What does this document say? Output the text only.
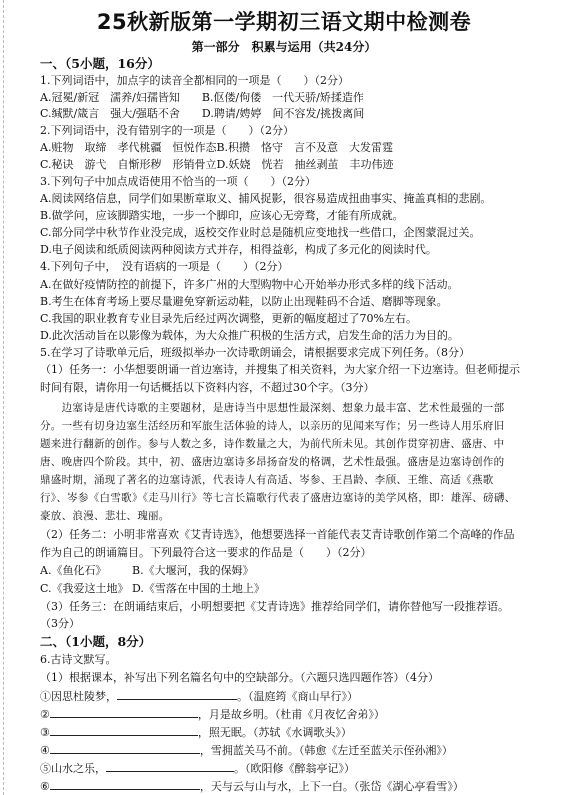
25秋新版第一学期初三语文期中检测卷
第一部分　积累与运用（共24分）
一、（5小题，16分）
1.下列词语中，加点字的读音全都相同的一项是（　　）（2分）
A.冠冕/新冠　濡养/妇孺皆知　　B.伛偻/佝偻　一代天骄/矫揉造作
C.缄默/箴言　强大/强聒不舍　　D.聘请/娉婷　间不容发/挑拨离间
2.下列词语中，没有错别字的一项是（　　）（2分）
A.赃物　取缔　孝代桃疆　恒悦作态B.积攒　恪守　言不及意　大发雷霆
C.秘诀　游弋　自惭形秽　形销骨立D.妖娆　恍若　抽丝剥茧　丰功伟迹
3.下列句子中加点成语使用不恰当的一项（　　）（2分）
A.阅读网络信息，同学们如果断章取义、捕风捉影，很容易造成扭曲事实、掩盖真相的悲剧。
B.做学问，应该脚踏实地，一步一个脚印，应该心无旁骛，才能有所成就。
C.部分同学中秋节作业没完成，返校交作业时总是随机应变地找一些借口，企图蒙混过关。
D.电子阅读和纸质阅读两种阅读方式并存，相得益彰，构成了多元化的阅读时代。
4.下列句子中，　没有语病的一项是（　　）（2分）
A.在做好疫情防控的前提下，许多广州的大型购物中心开始举办形式多样的线下活动。
B.考生在体育考场上要尽量避免穿新运动鞋，以防止出现鞋码不合适、磨脚等现象。
C.我国的职业教育专业目录先后经过两次调整，更新的幅度超过了70%左右。
D.此次活动旨在以影像为载体，为大众推广积极的生活方式，启发生命的活力为目的。
5.在学习了诗歌单元后，班级拟举办一次诗歌朗诵会，请根据要求完成下列任务。（8分）
（1）任务一：小华想要朗诵一首边塞诗，并搜集了相关资料，为大家介绍一下边塞诗。但老师提示
时间有限，请你用一句话概括以下资料内容，不超过30个字。（3分）
　　边塞诗是唐代诗歌的主要题材，是唐诗当中思想性最深刻、想象力最丰富、艺术性最强的一部
分。一些有切身边塞生活经历和军旅生活体验的诗人，以亲历的见闻来写作；另一些诗人用乐府旧
题来进行翻新的创作。参与人数之多，诗作数量之大，为前代所未见。其创作贯穿初唐、盛唐、中
唐、晚唐四个阶段。其中，初、盛唐边塞诗多昂扬奋发的格调，艺术性最强。盛唐是边塞诗创作的
鼎盛时期，涌现了著名的边塞诗派，代表诗人有高适、岑参、王昌龄、李颀、王维、高适《燕歌
行》、岑参《白雪歌》《走马川行》等七言长篇歌行代表了盛唐边塞诗的美学风格，即：雄浑、磅礴、
豪放、浪漫、悲壮、瑰丽。
（2）任务二：小明非常喜欢《艾青诗选》，他想要选择一首能代表艾青诗歌创作第二个高峰的作品
作为自己的朗诵篇目。下列最符合这一要求的作品是（　　）（2分）
A.《鱼化石》	B.《大堰河，我的保姆》
C.《我爱这土地》 D.《雪落在中国的土地上》
（3）任务三：在朗诵结束后，小明想要把《艾青诗选》推荐给同学们，请你替他写一段推荐语。
（3分）
二、（1小题，8分）
6.古诗文默写。
（1）根据课本，补写出下列名篇名句中的空缺部分。（六题只选四题作答）（4分）
①因思杜陵梦，	。（温庭筠《商山早行》）
②	，月是故乡明。（杜甫《月夜忆舍弟》）
③	，照无眠。（苏轼《水调歌头》）
④	，雪拥蓝关马不前。（韩愈《左迁至蓝关示侄孙湘》）
⑤山水之乐，	。（欧阳修《醉翁亭记》）
⑥	，天与云与山与水，上下一白。（张岱《湖心亭看雪》）
